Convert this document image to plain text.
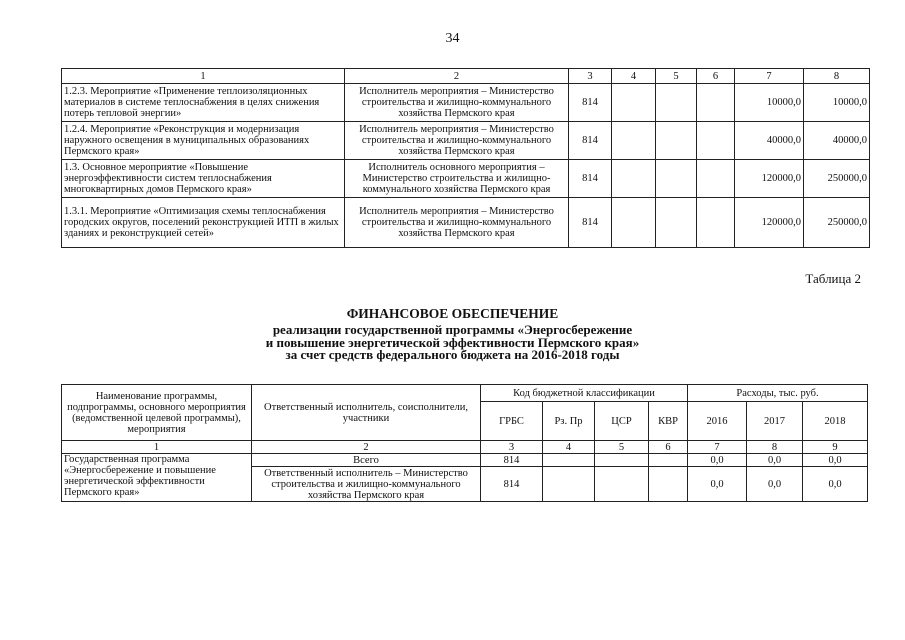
34
1	2	3	4	5	6	7	8
1.2.3. Мероприятие «Применение теплоизоляционных материалов в системе теплоснабжения в целях снижения потерь тепловой энергии»	Исполнитель мероприятия – Министерство строительства и жилищно-коммунального хозяйства Пермского края	814				10000,0	10000,0
1.2.4. Мероприятие «Реконструкция и модернизация наружного освещения в муниципальных образованиях Пермского края»	Исполнитель мероприятия – Министерство строительства и жилищно-коммунального хозяйства Пермского края	814				40000,0	40000,0
1.3. Основное мероприятие «Повышение энергоэффективности систем теплоснабжения многоквартирных домов Пермского края»	Исполнитель основного мероприятия – Министерство строительства и жилищно-коммунального хозяйства Пермского края	814				120000,0	250000,0
1.3.1. Мероприятие «Оптимизация схемы теплоснабжения городских округов, поселений реконструкцией ИТП в жилых зданиях и реконструкцией сетей»	Исполнитель мероприятия – Министерство строительства и жилищно-коммунального хозяйства Пермского края	814				120000,0	250000,0
Таблица 2
ФИНАНСОВОЕ ОБЕСПЕЧЕНИЕ
реализации государственной программы «Энергосбережение
и повышение энергетической эффективности Пермского края»
за счет средств федерального бюджета на 2016-2018 годы
Наименование программы, подпрограммы, основного мероприятия (ведомственной целевой программы), мероприятия	Ответственный исполнитель, соисполнители, участники	Код бюджетной классификации				Расходы, тыс. руб.		
		ГРБС	Рз. Пр	ЦСР	КВР	2016	2017	2018
1	2	3	4	5	6	7	8	9
Государственная программа «Энергосбережение и повышение энергетической эффективности Пермского края»	Всего	814				0,0	0,0	0,0
	Ответственный исполнитель – Министерство строительства и жилищно-коммунального хозяйства Пермского края	814				0,0	0,0	0,0
